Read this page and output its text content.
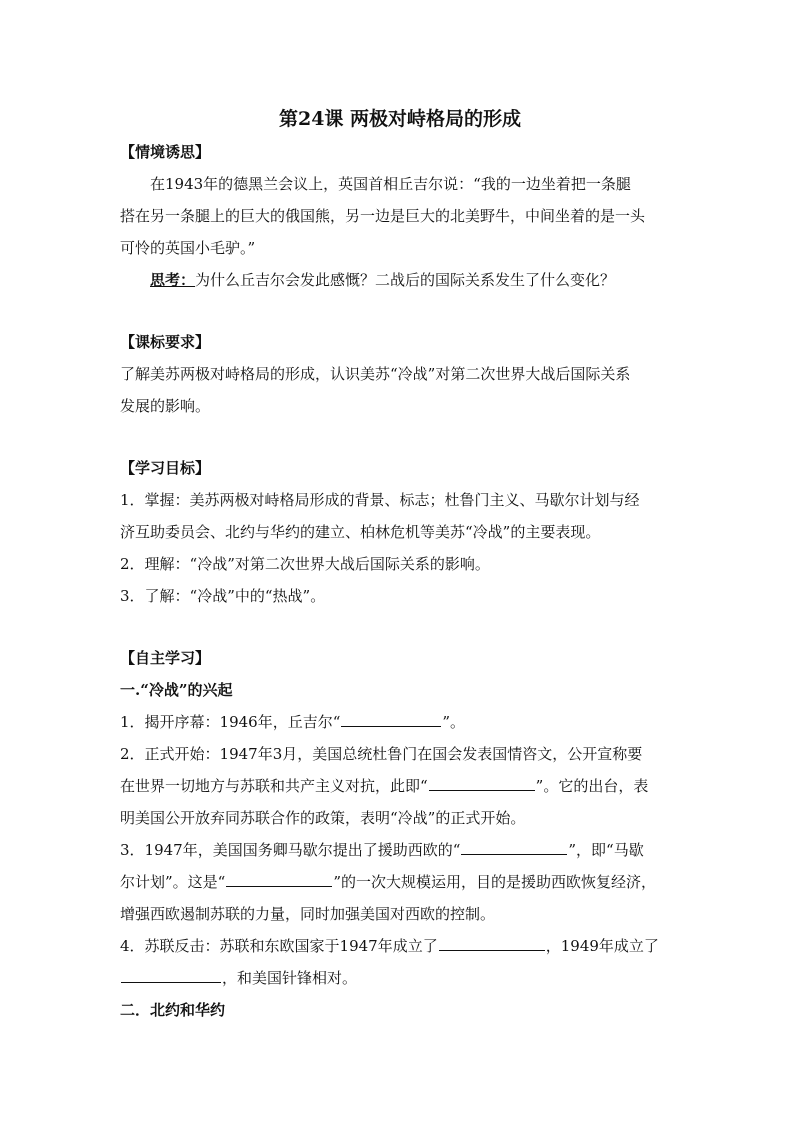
第24课 两极对峙格局的形成
【情境诱思】
在1943年的德黑兰会议上，英国首相丘吉尔说：“我的一边坐着把一条腿
搭在另一条腿上的巨大的俄国熊，另一边是巨大的北美野牛，中间坐着的是一头
可怜的英国小毛驴。”
思考：为什么丘吉尔会发此感慨？二战后的国际关系发生了什么变化？
【课标要求】
了解美苏两极对峙格局的形成，认识美苏“冷战”对第二次世界大战后国际关系
发展的影响。
【学习目标】
1．掌握：美苏两极对峙格局形成的背景、标志；杜鲁门主义、马歇尔计划与经
济互助委员会、北约与华约的建立、柏林危机等美苏“冷战”的主要表现。
2．理解：“冷战”对第二次世界大战后国际关系的影响。
3．了解：“冷战”中的“热战”。
【自主学习】
一.“冷战”的兴起
1．揭开序幕：1946年，丘吉尔“	”。
2．正式开始：1947年3月，美国总统杜鲁门在国会发表国情咨文，公开宣称要
在世界一切地方与苏联和共产主义对抗，此即“	”。它的出台，表
明美国公开放弃同苏联合作的政策，表明“冷战”的正式开始。
3．1947年，美国国务卿马歇尔提出了援助西欧的“	”，即“马歇
尔计划”。这是“	”的一次大规模运用，目的是援助西欧恢复经济，
增强西欧遏制苏联的力量，同时加强美国对西欧的控制。
4．苏联反击：苏联和东欧国家于1947年成立了	，1949年成立了
，和美国针锋相对。
二．北约和华约
